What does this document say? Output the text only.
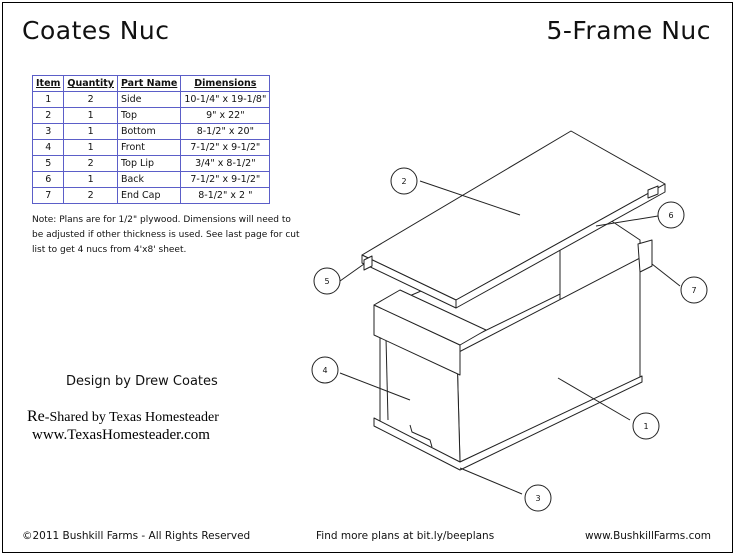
Coates Nuc	5-Frame Nuc
Item	Quantity	Part Name	Dimensions
1	2	Side	10-1/4" x 19-1/8"
2	1	Top	9" x 22"
3	1	Bottom	8-1/2" x 20"
4	1	Front	7-1/2" x 9-1/2"
5	2	Top Lip	3/4" x 8-1/2"
6	1	Back	7-1/2" x 9-1/2"
7	2	End Cap	8-1/2" x 2 "
Note: Plans are for 1/2" plywood. Dimensions will need to be adjusted if other thickness is used. See last page for cut list to get 4 nucs from 4'x8' sheet.
Design by Drew Coates
Re-Shared by Texas Homesteader
www.TexasHomesteader.com
©2011 Bushkill Farms - All Rights Reserved	Find more plans at bit.ly/beeplans	www.BushkillFarms.com
2
5
4
1
3
6
7
